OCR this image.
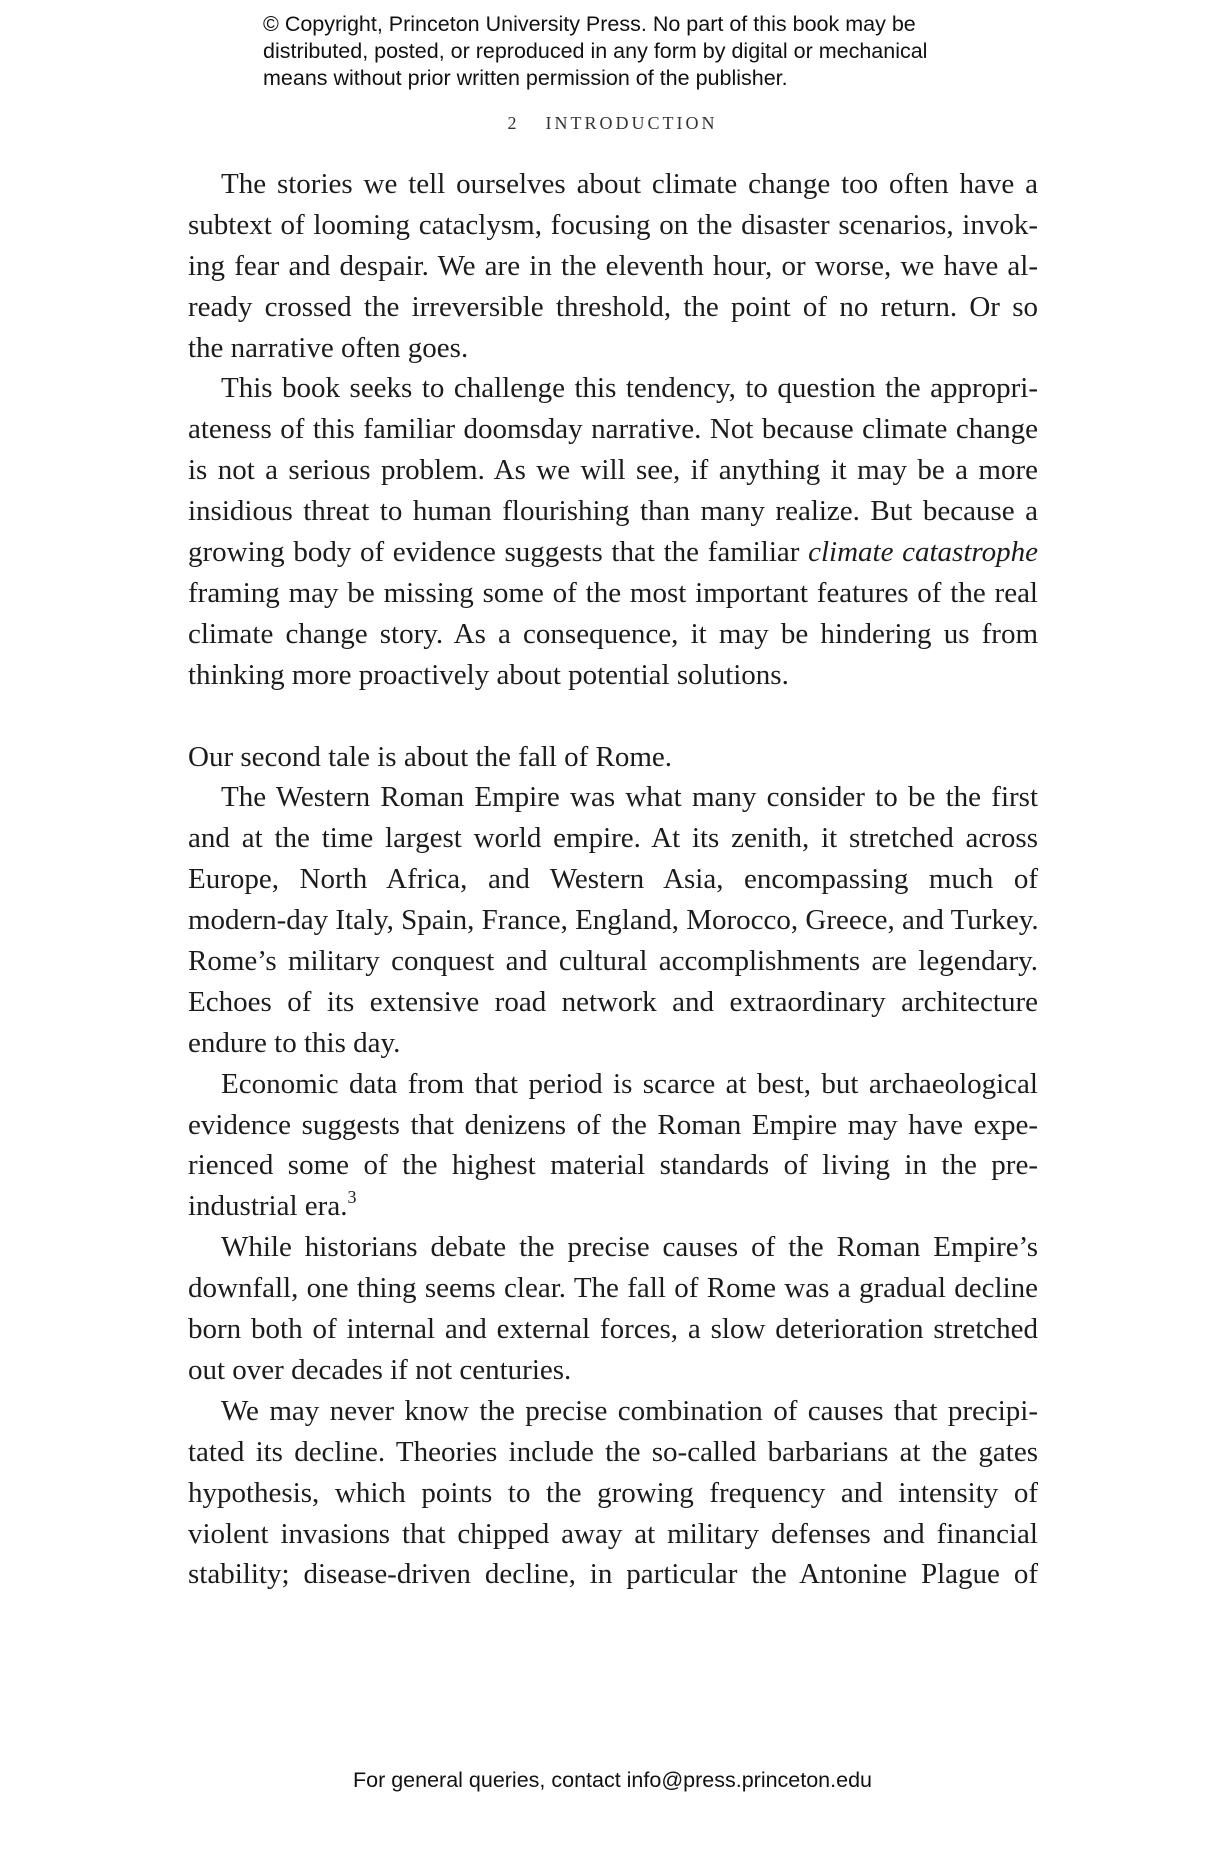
© Copyright, Princeton University Press. No part of this book may be
distributed, posted, or reproduced in any form by digital or mechanical
means without prior written permission of the publisher.
2 INTRODUCTION
The stories we tell ourselves about climate change too often have a
subtext of looming cataclysm, focusing on the disaster scenarios, invok-
ing fear and despair. We are in the eleventh hour, or worse, we have al-
ready crossed the irreversible threshold, the point of no return. Or so
the narrative often goes.
This book seeks to challenge this tendency, to question the appropri-
ateness of this familiar doomsday narrative. Not because climate change
is not a serious problem. As we will see, if anything it may be a more
insidious threat to human flourishing than many realize. But because a
growing body of evidence suggests that the familiar climate catastrophe
framing may be missing some of the most important features of the real
climate change story. As a consequence, it may be hindering us from
thinking more proactively about potential solutions.
Our second tale is about the fall of Rome.
The Western Roman Empire was what many consider to be the first
and at the time largest world empire. At its zenith, it stretched across
Europe, North Africa, and Western Asia, encompassing much of
modern-day Italy, Spain, France, England, Morocco, Greece, and Turkey.
Rome’s military conquest and cultural accomplishments are legendary.
Echoes of its extensive road network and extraordinary architecture
endure to this day.
Economic data from that period is scarce at best, but archaeological
evidence suggests that denizens of the Roman Empire may have expe-
rienced some of the highest material standards of living in the pre-
industrial era.$^3$
While historians debate the precise causes of the Roman Empire’s
downfall, one thing seems clear. The fall of Rome was a gradual decline
born both of internal and external forces, a slow deterioration stretched
out over decades if not centuries.
We may never know the precise combination of causes that precipi-
tated its decline. Theories include the so-called barbarians at the gates
hypothesis, which points to the growing frequency and intensity of
violent invasions that chipped away at military defenses and financial
stability; disease-driven decline, in particular the Antonine Plague of
For general queries, contact info@press.princeton.edu
